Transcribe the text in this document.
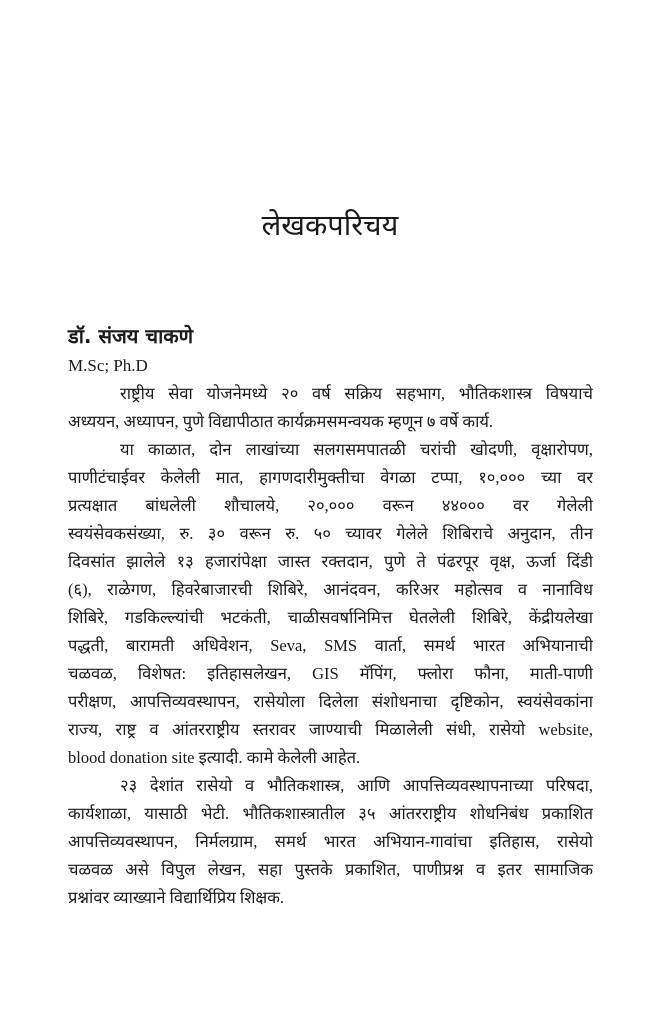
लेखकपरिचय
डॉ. संजय चाकणे
M.Sc; Ph.D
राष्ट्रीय सेवा योजनेमध्ये २० वर्ष सक्रिय सहभाग, भौतिकशास्त्र विषयाचे
अध्ययन, अध्यापन, पुणे विद्यापीठात कार्यक्रमसमन्वयक म्हणून ७ वर्षे कार्य.
या काळात, दोन लाखांच्या सलगसमपातळी चरांची खोदणी, वृक्षारोपण,
पाणीटंचाईवर केलेली मात, हागणदारीमुक्तीचा वेगळा टप्पा, १०,००० च्या वर
प्रत्यक्षात बांधलेली शौचालये, २०,००० वरून ४४००० वर गेलेली
स्वयंसेवकसंख्या, रु. ३० वरून रु. ५० च्यावर गेलेले शिबिराचे अनुदान, तीन
दिवसांत झालेले १३ हजारांपेक्षा जास्त रक्तदान, पुणे ते पंढरपूर वृक्ष, ऊर्जा दिंडी
(६), राळेगण, हिवरेबाजारची शिबिरे, आनंदवन, करिअर महोत्सव व नानाविध
शिबिरे, गडकिल्ल्यांची भटकंती, चाळीसवर्षानिमित्त घेतलेली शिबिरे, केंद्रीयलेखा
पद्धती, बारामती अधिवेशन, Seva, SMS वार्ता, समर्थ भारत अभियानाची
चळवळ, विशेषत: इतिहासलेखन, GIS मॅपिंग, फ्लोरा फौना, माती-पाणी
परीक्षण, आपत्तिव्यवस्थापन, रासेयोला दिलेला संशोधनाचा दृष्टिकोन, स्वयंसेवकांना
राज्य, राष्ट्र व आंतरराष्ट्रीय स्तरावर जाण्याची मिळालेली संधी, रासेयो website,
blood donation site इत्यादी. कामे केलेली आहेत.
२३ देशांत रासेयो व भौतिकशास्त्र, आणि आपत्तिव्यवस्थापनाच्या परिषदा,
कार्यशाळा, यासाठी भेटी. भौतिकशास्त्रातील ३५ आंतरराष्ट्रीय शोधनिबंध प्रकाशित
आपत्तिव्यवस्थापन, निर्मलग्राम, समर्थ भारत अभियान-गावांचा इतिहास, रासेयो
चळवळ असे विपुल लेखन, सहा पुस्तके प्रकाशित, पाणीप्रश्न व इतर सामाजिक
प्रश्नांवर व्याख्याने विद्यार्थिप्रिय शिक्षक.
